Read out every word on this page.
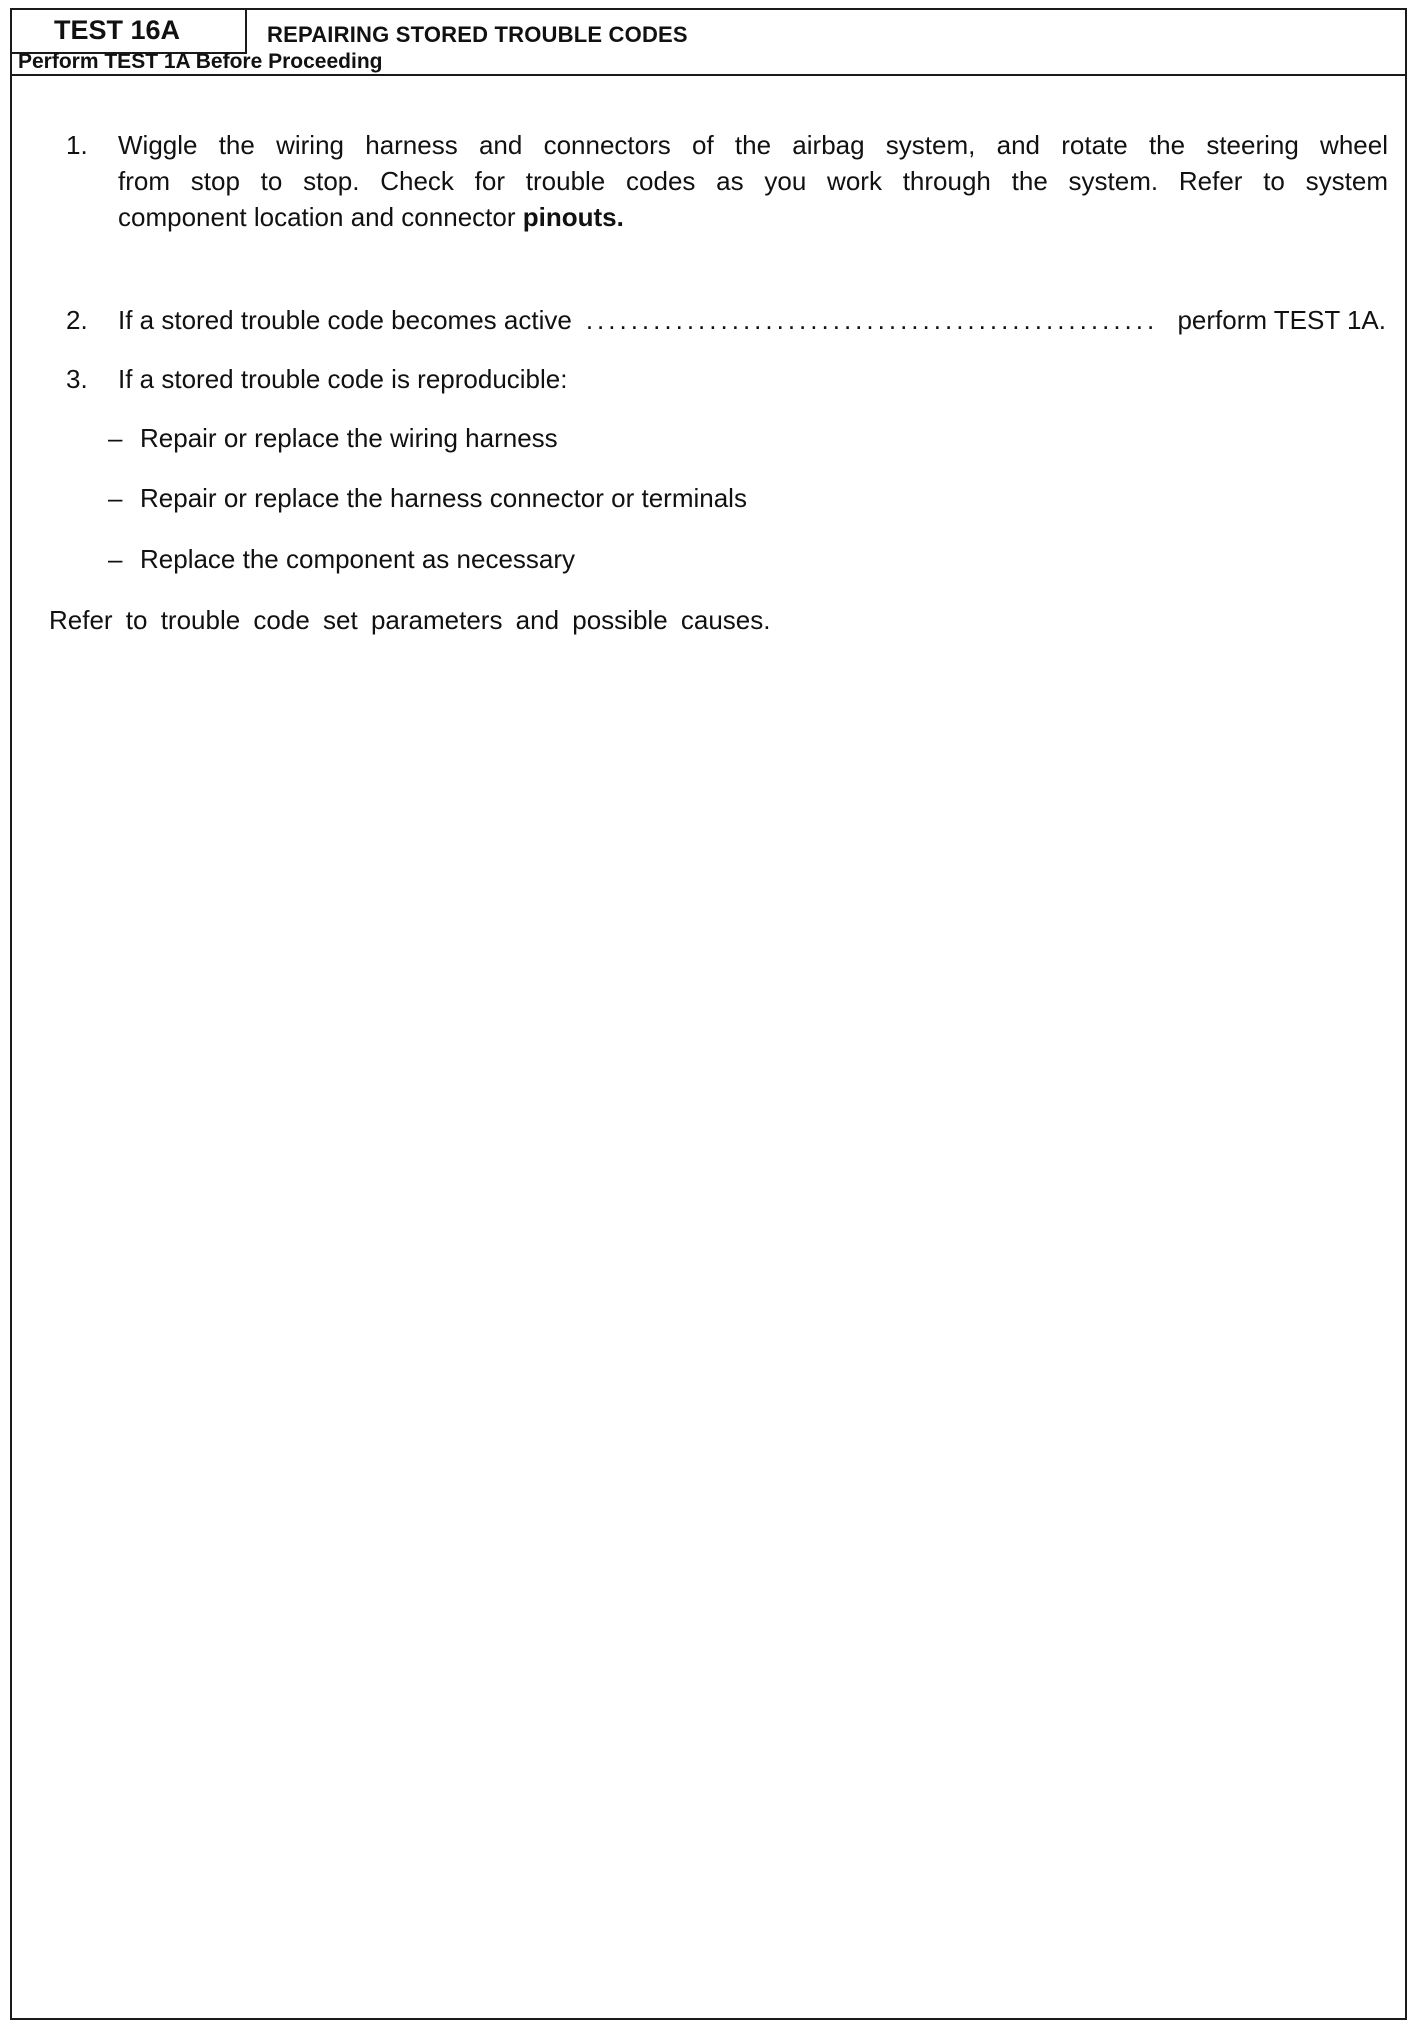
TEST 16A	REPAIRING STORED TROUBLE CODES
Perform TEST 1A Before Proceeding
1. Wiggle the wiring harness and connectors of the airbag system, and rotate the steering wheel
from stop to stop. Check for trouble codes as you work through the system. Refer to system
component location and connector pinouts.
2. If a stored trouble code becomes active ................................................... perform TEST 1A.
3. If a stored trouble code is reproducible:
– Repair or replace the wiring harness
– Repair or replace the harness connector or terminals
– Replace the component as necessary
Refer to trouble code set parameters and possible causes.
